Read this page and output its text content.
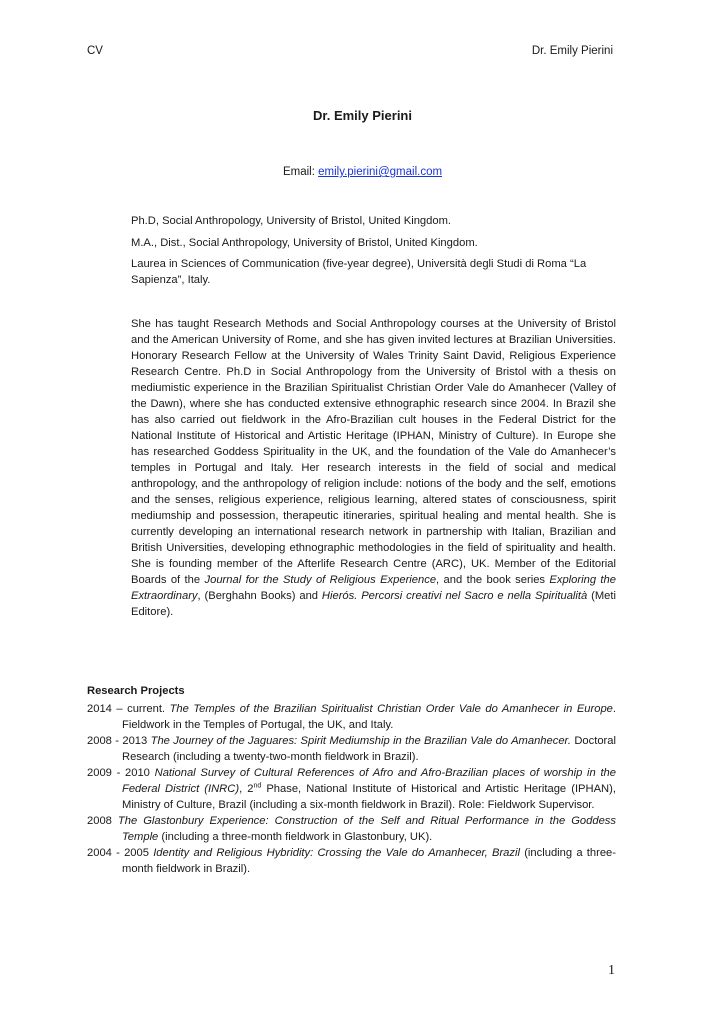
CV	Dr. Emily Pierini
Dr. Emily Pierini
Email: emily.pierini@gmail.com

Ph.D, Social Anthropology, University of Bristol, United Kingdom.

M.A., Dist., Social Anthropology, University of Bristol, United Kingdom.

Laurea in Sciences of Communication (five-year degree), Università degli Studi di Roma “La Sapienza”, Italy.

She has taught Research Methods and Social Anthropology courses at the University of Bristol and the American University of Rome, and she has given invited lectures at Brazilian Universities. Honorary Research Fellow at the University of Wales Trinity Saint David, Religious Experience Research Centre. Ph.D in Social Anthropology from the University of Bristol with a thesis on mediumistic experience in the Brazilian Spiritualist Christian Order Vale do Amanhecer (Valley of the Dawn), where she has conducted extensive ethnographic research since 2004. In Brazil she has also carried out fieldwork in the Afro-Brazilian cult houses in the Federal District for the National Institute of Historical and Artistic Heritage (IPHAN, Ministry of Culture). In Europe she has researched Goddess Spirituality in the UK, and the foundation of the Vale do Amanhecer’s temples in Portugal and Italy. Her research interests in the field of social and medical anthropology, and the anthropology of religion include: notions of the body and the self, emotions and the senses, religious experience, religious learning, altered states of consciousness, spirit mediumship and possession, therapeutic itineraries, spiritual healing and mental health. She is currently developing an international research network in partnership with Italian, Brazilian and British Universities, developing ethnographic methodologies in the field of spirituality and health. She is founding member of the Afterlife Research Centre (ARC), UK. Member of the Editorial Boards of the Journal for the Study of Religious Experience, and the book series Exploring the Extraordinary, (Berghahn Books) and Hierós. Percorsi creativi nel Sacro e nella Spiritualità (Meti Editore).

Research Projects
2014 – current. The Temples of the Brazilian Spiritualist Christian Order Vale do Amanhecer in Europe. Fieldwork in the Temples of Portugal, the UK, and Italy.
2008 - 2013 The Journey of the Jaguares: Spirit Mediumship in the Brazilian Vale do Amanhecer. Doctoral Research (including a twenty-two-month fieldwork in Brazil).
2009 - 2010 National Survey of Cultural References of Afro and Afro-Brazilian places of worship in the Federal District (INRC), 2nd Phase, National Institute of Historical and Artistic Heritage (IPHAN), Ministry of Culture, Brazil (including a six-month fieldwork in Brazil). Role: Fieldwork Supervisor.
2008 The Glastonbury Experience: Construction of the Self and Ritual Performance in the Goddess Temple (including a three-month fieldwork in Glastonbury, UK).
2004 - 2005 Identity and Religious Hybridity: Crossing the Vale do Amanhecer, Brazil (including a three-month fieldwork in Brazil).
1
